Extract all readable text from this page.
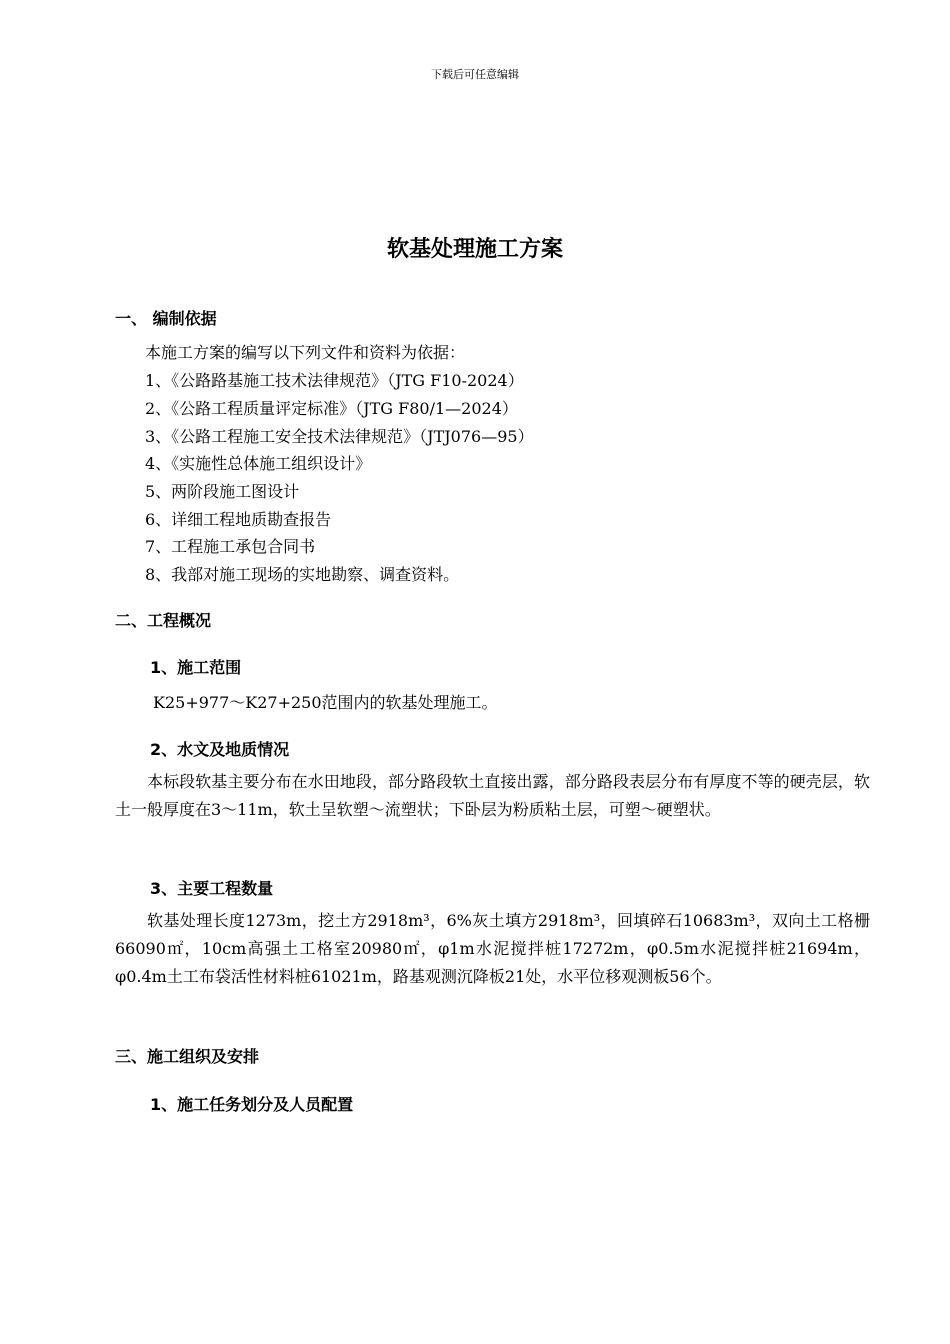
下载后可任意编辑
软基处理施工方案
一、 编制依据
本施工方案的编写以下列文件和资料为依据：
1、《公路路基施工技术法律规范》（JTG F10-2024）
2、《公路工程质量评定标准》（JTG F80/1—2024）
3、《公路工程施工安全技术法律规范》（JTJ076—95）
4、《实施性总体施工组织设计》
5、两阶段施工图设计
6、详细工程地质勘查报告
7、工程施工承包合同书
8、我部对施工现场的实地勘察、调查资料。
二、工程概况
1、施工范围
K25+977～K27+250范围内的软基处理施工。
2、水文及地质情况
本标段软基主要分布在水田地段，部分路段软土直接出露，部分路段表层分布有厚度不等的硬壳层，软土一般厚度在3～11m，软土呈软塑～流塑状；下卧层为粉质粘土层，可塑～硬塑状。
3、主要工程数量
软基处理长度1273m，挖土方2918m³，6%灰土填方2918m³，回填碎石10683m³，双向土工格栅66090㎡，10cm高强土工格室20980㎡，φ1m水泥搅拌桩17272m，φ0.5m水泥搅拌桩21694m，φ0.4m土工布袋活性材料桩61021m，路基观测沉降板21处，水平位移观测板56个。
三、施工组织及安排
1、施工任务划分及人员配置
